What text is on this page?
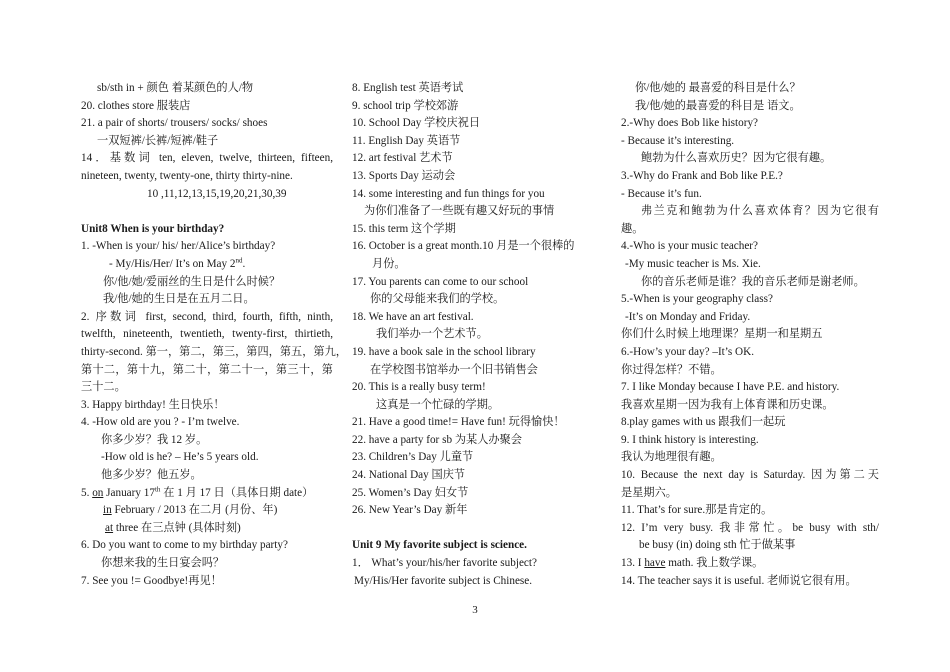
sb/sth in + 颜色 着某颜色的人/物
20. clothes store 服装店
21. a pair of shorts/ trousers/ socks/ shoes
一双短裤/长裤/短裤/鞋子
14．基数词 ten, eleven, twelve, thirteen, fifteen,
nineteen, twenty, twenty-one, thirty thirty-nine.
10 ,11,12,13,15,19,20,21,30,39
Unit8 When is your birthday?
1. -When is your/ his/ her/Alice’s birthday?
- My/His/Her/ It’s on May 2nd.
你/他/她/爱丽丝的生日是什么时候？
我/他/她的生日是在五月二日。
2. 序数词 first, second, third, fourth, fifth, ninth,
twelfth, nineteenth, twentieth, twenty-first, thirtieth,
thirty-second. 第一，第二，第三，第四，第五，第九，
第十二，第十九，第二十，第二十一，第三十，第
三十二。
3. Happy birthday! 生日快乐！
4. -How old are you ? - I’m twelve.
你多少岁？我 12 岁。
-How old is he? – He’s 5 years old.
他多少岁？他五岁。
5. on January 17th 在 1 月 17 日（具体日期 date）
in February / 2013 在二月 (月份、年)
at three 在三点钟 (具体时刻)
6. Do you want to come to my birthday party?
你想来我的生日宴会吗？
7. See you != Goodbye!再见！
8. English test 英语考试
9. school trip 学校郊游
10. School Day 学校庆祝日
11. English Day 英语节
12. art festival 艺术节
13. Sports Day 运动会
14. some interesting and fun things for you
为你们准备了一些既有趣又好玩的事情
15. this term 这个学期
16. October is a great month.10 月是一个很棒的
月份。
17. You parents can come to our school
你的父母能来我们的学校。
18. We have an art festival.
我们举办一个艺术节。
19. have a book sale in the school library
在学校图书馆举办一个旧书销售会
20. This is a really busy term!
这真是一个忙碌的学期。
21. Have a good time!= Have fun! 玩得愉快！
22. have a party for sb 为某人办聚会
23. Children’s Day 儿童节
24. National Day 国庆节
25. Women’s Day 妇女节
26. New Year’s Day 新年
Unit 9 My favorite subject is science.
1． What’s your/his/her favorite subject?
My/His/Her favorite subject is Chinese.
你/他/她的 最喜爱的科目是什么？
我/他/她的最喜爱的科目是 语文。
2.-Why does Bob like history?
- Because it’s interesting.
鲍勃为什么喜欢历史？因为它很有趣。
3.-Why do Frank and Bob like P.E.?
- Because it’s fun.
弗兰克和鲍勃为什么喜欢体育？因为它很有
趣。
4.-Who is your music teacher?
-My music teacher is Ms. Xie.
你的音乐老师是谁？我的音乐老师是谢老师。
5.-When is your geography class?
-It’s on Monday and Friday.
你们什么时候上地理课？星期一和星期五
6.-How’s your day? –It’s OK.
你过得怎样？不错。
7. I like Monday because I have P.E. and history.
我喜欢星期一因为我有上体育课和历史课。
8.play games with us 跟我们一起玩
9. I think history is interesting.
我认为地理很有趣。
10. Because the next day is Saturday. 因为第二天
是星期六。
11. That’s for sure.那是肯定的。
12. I’m very busy. 我非常忙。be busy with sth/
be busy (in) doing sth 忙于做某事
13. I have math. 我上数学课。
14. The teacher says it is useful. 老师说它很有用。
3
